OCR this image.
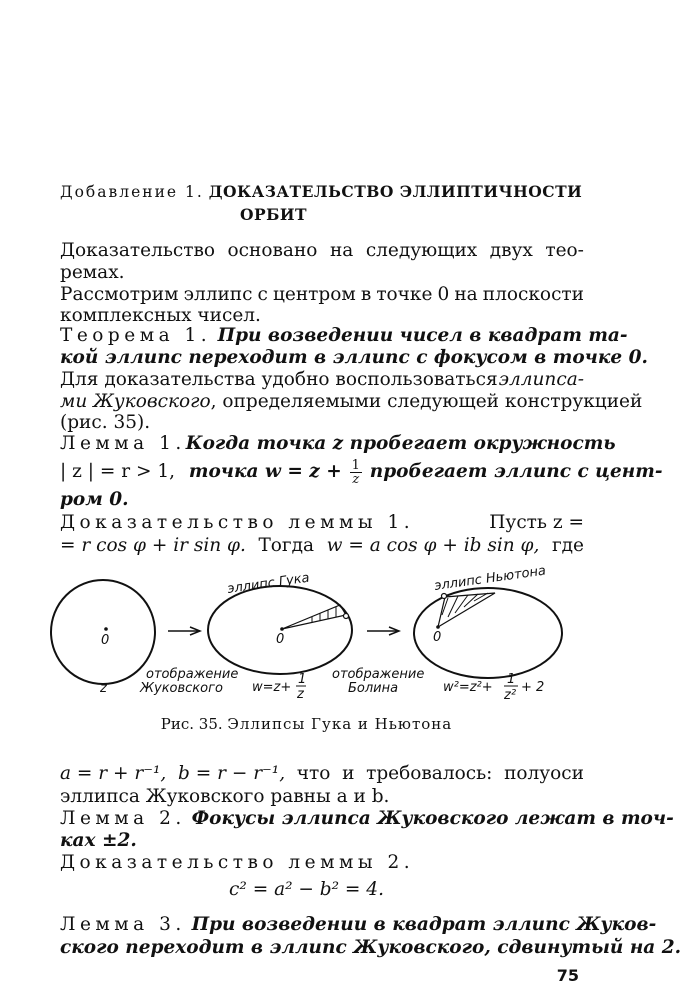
Добавление 1. ДОКАЗАТЕЛЬСТВО ЭЛЛИПТИЧНОСТИ
ОРБИТ
Доказательство основано на следующих двух тео-
ремах.
Рассмотрим эллипс с центром в точке 0 на плоскости
комплексных чисел.
Теорема 1. При возведении чисел в квадрат та-
кой эллипс переходит в эллипс с фокусом в точке 0.
Для доказательства удобно воспользоваться эллипса-
ми Жуковского, определяемыми следующей конструкцией
(рис. 35).
Лемма 1. Когда точка z пробегает окружность
| z | = r > 1, точка $w = z + \frac{1}{z}$ пробегает эллипс с цент-
ром 0.
Доказательство леммы 1.	Пусть z =
= r cos φ + ir sin φ. Тогда w = a cos φ + ib sin φ, где
0	0
эллипс Гука
0
эллипс Ньютона
z
отображение
Жуковского w=z+
1
z
отображение
Болина	w²=z²+
1
z²
+ 2
Рис. 35. Эллипсы Гука и Ньютона
a = r + r⁻¹, b = r − r⁻¹, что и требовалось: полуоси
эллипса Жуковского равны a и b.
Лемма 2. Фокусы эллипса Жуковского лежат в точ-
ках ±2.
Доказательство леммы 2.
c² = a² − b² = 4.
Лемма 3. При возведении в квадрат эллипс Жуков-
ского переходит в эллипс Жуковского, сдвинутый на 2.
75
